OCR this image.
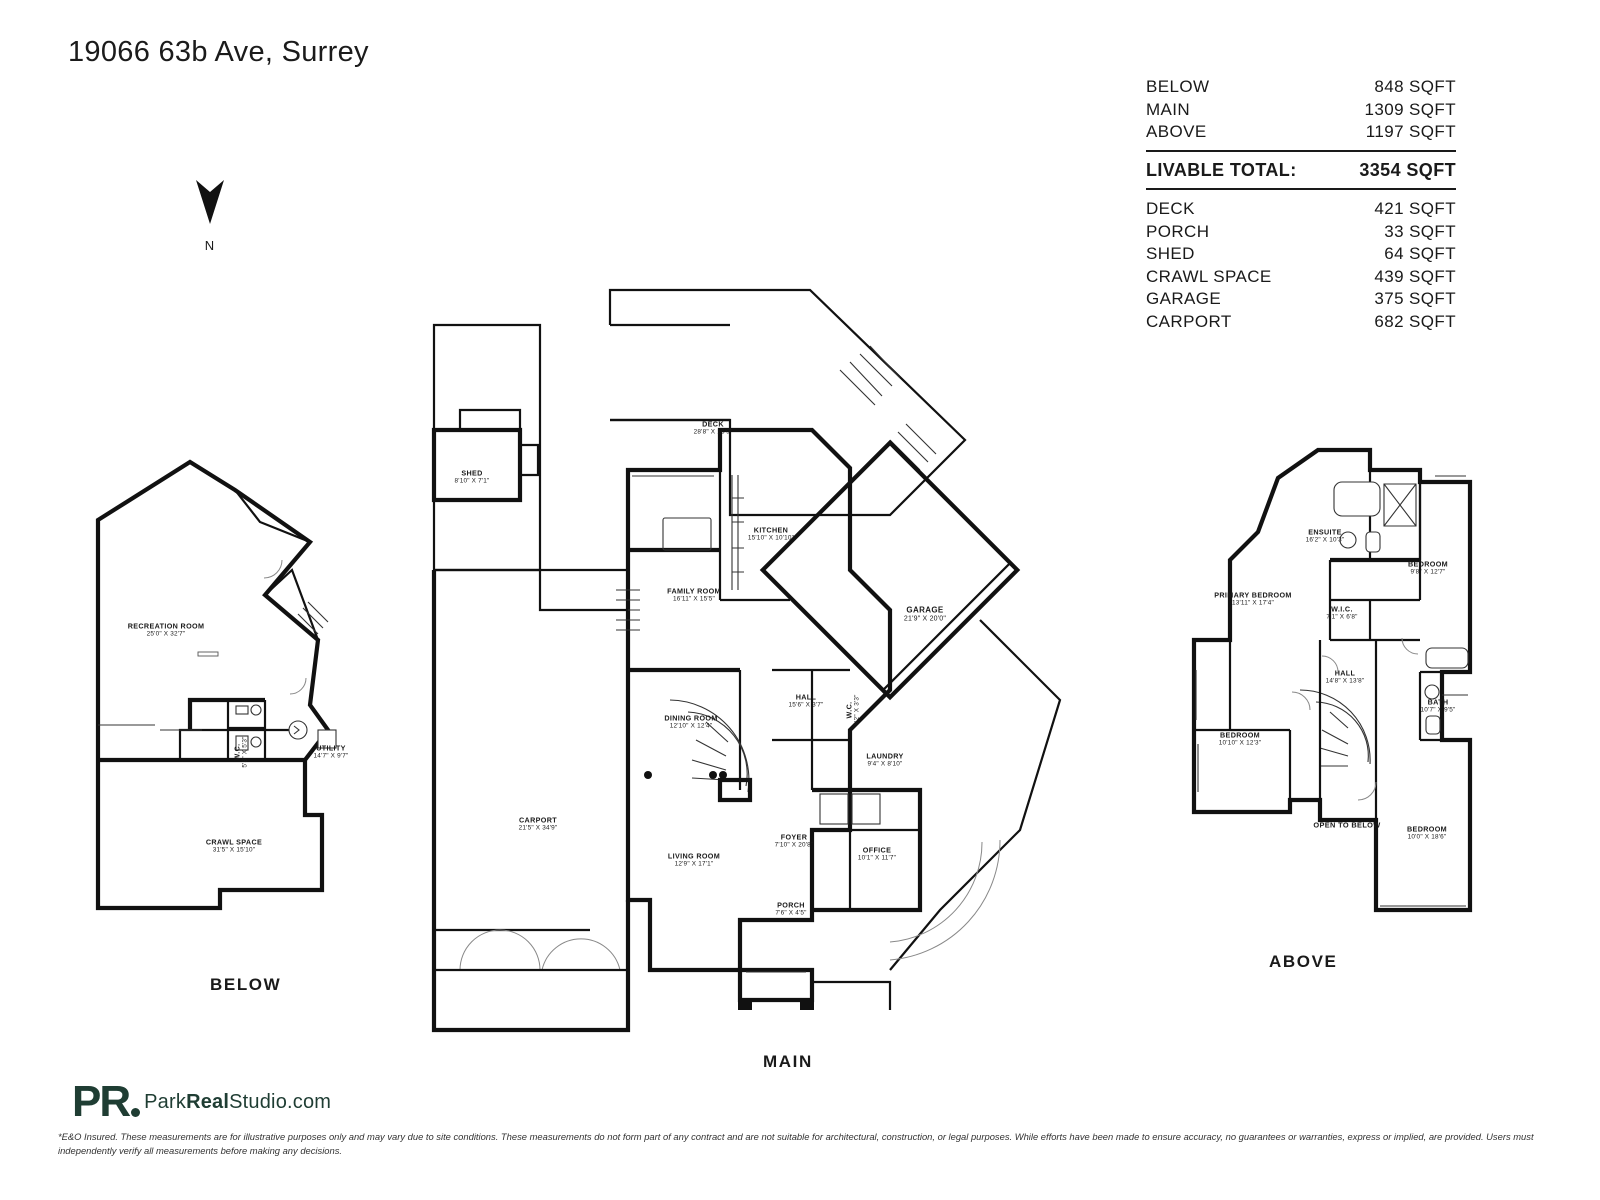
19066 63b Ave, Surrey
BELOW	848 SQFT
MAIN	1309 SQFT
ABOVE	1197 SQFT
LIVABLE TOTAL:	3354 SQFT
DECK	421 SQFT
PORCH	33 SQFT
SHED	64 SQFT
CRAWL SPACE	439 SQFT
GARAGE	375 SQFT
CARPORT	682 SQFT
N
RECREATION ROOM
25'0" X 32'7"
UTILITY
14'7" X 9'7"
W.C. 5'8" X 5'3"
CRAWL SPACE
31'5" X 15'10"
DECK
28'8" X 16'9"
SHED
8'10" X 7'1"
KITCHEN
15'10" X 10'10"
FAMILY ROOM
16'11" X 15'5"
GARAGE
21'9" X 20'0"
DINING ROOM
12'10" X 12'4"
HALL
15'6" X 3'7"	W.C. 6'2" X 3'3"
LAUNDRY
9'4" X 8'10"
CARPORT
21'5" X 34'9"
LIVING ROOM
12'9" X 17'1"
FOYER
7'10" X 20'8"
OFFICE
10'1" X 11'7"
PORCH
7'6" X 4'5"
ENSUITE
16'2" X 10'3"
BEDROOM
9'8" X 12'7"
PRIMARY BEDROOM
13'11" X 17'4"
W.I.C.
7'1" X 6'8"
HALL
14'8" X 13'8"
BATH
10'7" X 9'5"
BEDROOM
10'10" X 12'3"
OPEN TO BELOW	BEDROOM
10'0" X 18'6"
BELOW
MAIN
ABOVE
PR ParkRealStudio.com
*E&O Insured. These measurements are for illustrative purposes only and may vary due to site conditions. These measurements do not form part of any contract and are not suitable for architectural, construction, or legal purposes. While efforts have been made to ensure accuracy, no guarantees or warranties, express or implied, are provided. Users must independently verify all measurements before making any decisions.
